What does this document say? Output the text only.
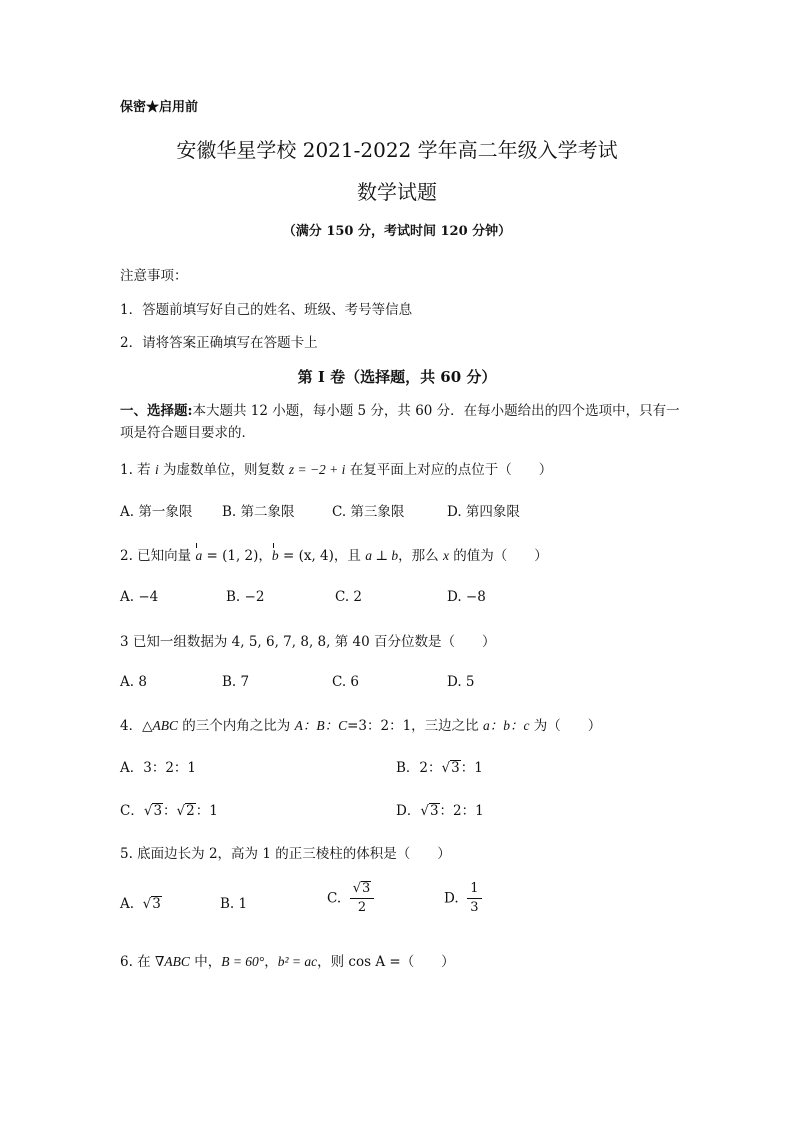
保密★启用前
安徽华星学校 2021-2022 学年高二年级入学考试
数学试题
（满分 150 分，考试时间 120 分钟）
注意事项：
1．答题前填写好自己的姓名、班级、考号等信息
2．请将答案正确填写在答题卡上
第 I 卷（选择题，共 60 分）
一、选择题:本大题共 12 小题，每小题 5 分，共 60 分．在每小题给出的四个选项中，只有一项是符合题目要求的．
1. 若 i 为虚数单位，则复数 z = −2 + i 在复平面上对应的点位于（　　）
A. 第一象限 B. 第二象限	C. 第三象限	D. 第四象限
2. 已知向量 a = (1, 2)，b = (x, 4)，且 a ⊥ b，那么 x 的值为（　　）
A. −4	B. −2	C. 2	D. −8
3 已知一组数据为 4, 5, 6, 7, 8, 8, 第 40 百分位数是（　　）
A. 8	B. 7	C. 6	D. 5
4．△ABC 的三个内角之比为 A：B：C=3：2：1，三边之比 a：b：c 为（　　）
A．3：2：1	B．2：√3：1
C．√3：√2：1	D．√3：2：1
5. 底面边长为 2，高为 1 的正三棱柱的体积是（　　）
A.  √3	B. 1	C. $\frac{√3}{2}$	D. $\frac{1}{3}$
6. 在 ∇ABC 中，B = 60°，b² = ac，则 cos A =（　　）
